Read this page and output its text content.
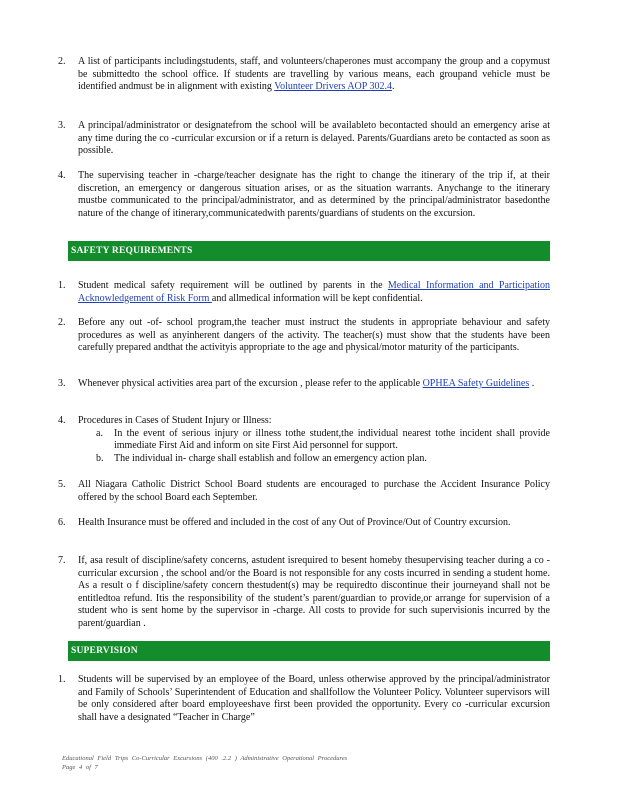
2. A list of participants includingstudents, staff, and volunteers/chaperones must accompany the group and a copymust be submittedto the school office. If students are travelling by various means, each groupand vehicle must be identified andmust be in alignment with existing Volunteer Drivers AOP 302.4.

3. A principal/administrator or designatefrom the school will be availableto becontacted should an emergency arise at any time during the co -curricular excursion or if a return is delayed. Parents/Guardians areto be contacted as soon as possible.

4. The supervising teacher in -charge/teacher designate has the right to change the itinerary of the trip if, at their discretion, an emergency or dangerous situation arises, or as the situation warrants. Anychange to the itinerary mustbe communicated to the principal/administrator, and as determined by the principal/administrator basedonthe nature of the change of itinerary,communicatedwith parents/guardians of students on the excursion.

SAFETY REQUIREMENTS
1. Student medical safety requirement will be outlined by parents in the Medical Information and Participation Acknowledgement of Risk Form and allmedical information will be kept confidential.

2. Before any out -of- school program,the teacher must instruct the students in appropriate behaviour and safety procedures as well as anyinherent dangers of the activity. The teacher(s) must show that the students have been carefully prepared andthat the activityis appropriate to the age and physical/motor maturity of the participants.

3. Whenever physical activities area part of the excursion , please refer to the applicable OPHEA Safety Guidelines .

4. Procedures in Cases of Student Injury or Illness:

a. In the event of serious injury or illness tothe student,the individual nearest tothe incident shall provide immediate First Aid and inform on site First Aid personnel for support.

b. The individual in- charge shall establish and follow an emergency action plan.

5. All Niagara Catholic District School Board students are encouraged to purchase the Accident Insurance Policy offered by the school Board each September.

6. Health Insurance must be offered and included in the cost of any Out of Province/Out of Country excursion.

7. If, asa result of discipline/safety concerns, astudent isrequired to besent homeby thesupervising teacher during a co -curricular excursion , the school and/or the Board is not responsible for any costs incurred in sending a student home. As a result o f discipline/safety concern thestudent(s) may be requiredto discontinue their journeyand shall not be entitledtoa refund. Itis the responsibility of the student’s parent/guardian to provide,or arrange for supervision of a student who is sent home by the supervisor in -charge. All costs to provide for such supervisionis incurred by the parent/guardian .

SUPERVISION
1. Students will be supervised by an employee of the Board, unless otherwise approved by the principal/administrator and Family of Schools’ Superintendent of Education and shallfollow the Volunteer Policy. Volunteer supervisors will be only considered after board employeeshave first been provided the opportunity. Every co -curricular excursion shall have a designated “Teacher in Charge”

Educational Field Trips Co-Curricular Excursions (400 .2.2 ) Administrative Operational Procedures
Page 4 of 7
